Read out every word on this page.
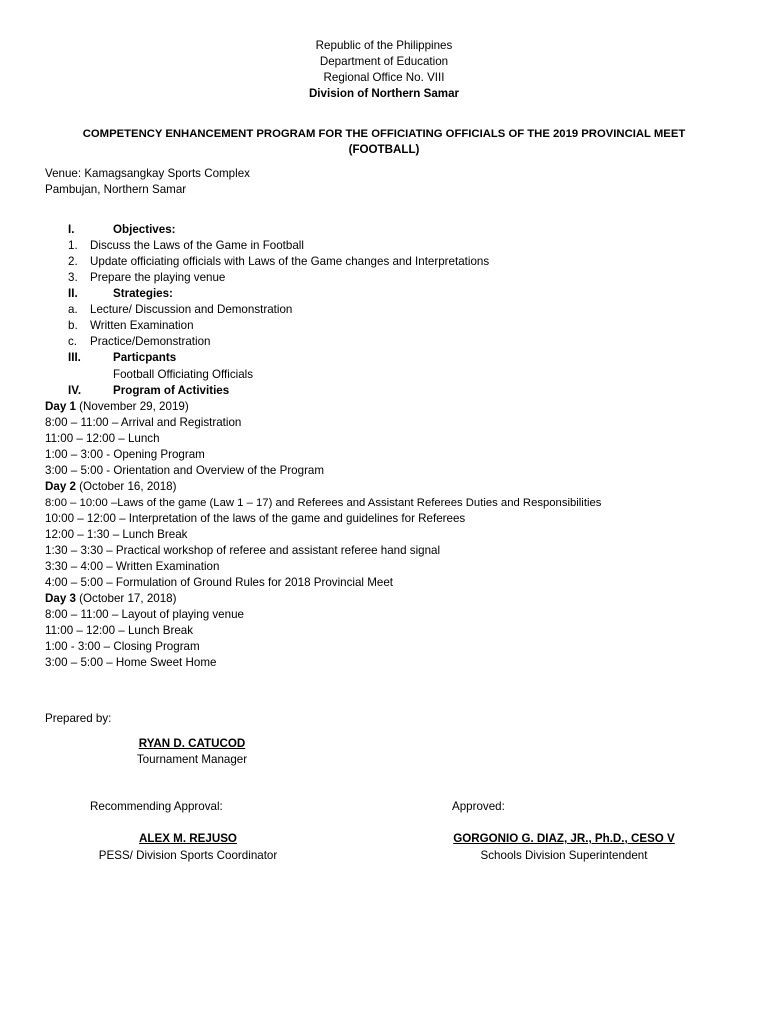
Republic of the Philippines
Department of Education
Regional Office No. VIII
Division of Northern Samar
COMPETENCY ENHANCEMENT PROGRAM FOR THE OFFICIATING OFFICIALS OF THE 2019 PROVINCIAL MEET
(FOOTBALL)
Venue: Kamagsangkay Sports Complex
Pambujan, Northern Samar
I.	Objectives:
1. Discuss the Laws of the Game in Football
2. Update officiating officials with Laws of the Game changes and Interpretations
3. Prepare the playing venue
II.	Strategies:
a. Lecture/ Discussion and Demonstration
b. Written Examination
c. Practice/Demonstration
III.	Particpants
Football Officiating Officials
IV.	Program of Activities
Day 1 (November 29, 2019)
8:00 – 11:00 – Arrival and Registration
11:00 – 12:00 – Lunch
1:00 – 3:00 - Opening Program
3:00 – 5:00 - Orientation and Overview of the Program
Day 2 (October 16, 2018)
8:00 – 10:00 –Laws of the game (Law 1 – 17) and Referees and Assistant Referees Duties and Responsibilities
10:00 – 12:00 – Interpretation of the laws of the game and guidelines for Referees
12:00 – 1:30 – Lunch Break
1:30 – 3:30 – Practical workshop of referee and assistant referee hand signal
3:30 – 4:00 – Written Examination
4:00 – 5:00 – Formulation of Ground Rules for 2018 Provincial Meet
Day 3 (October 17, 2018)
8:00 – 11:00 – Layout of playing venue
11:00 – 12:00 – Lunch Break
1:00 - 3:00 – Closing Program
3:00 – 5:00 – Home Sweet Home
Prepared by:
RYAN D. CATUCOD
Tournament Manager
Recommending Approval:
ALEX M. REJUSO
PESS/ Division Sports Coordinator
Approved:
GORGONIO G. DIAZ, JR., Ph.D., CESO V
Schools Division Superintendent
